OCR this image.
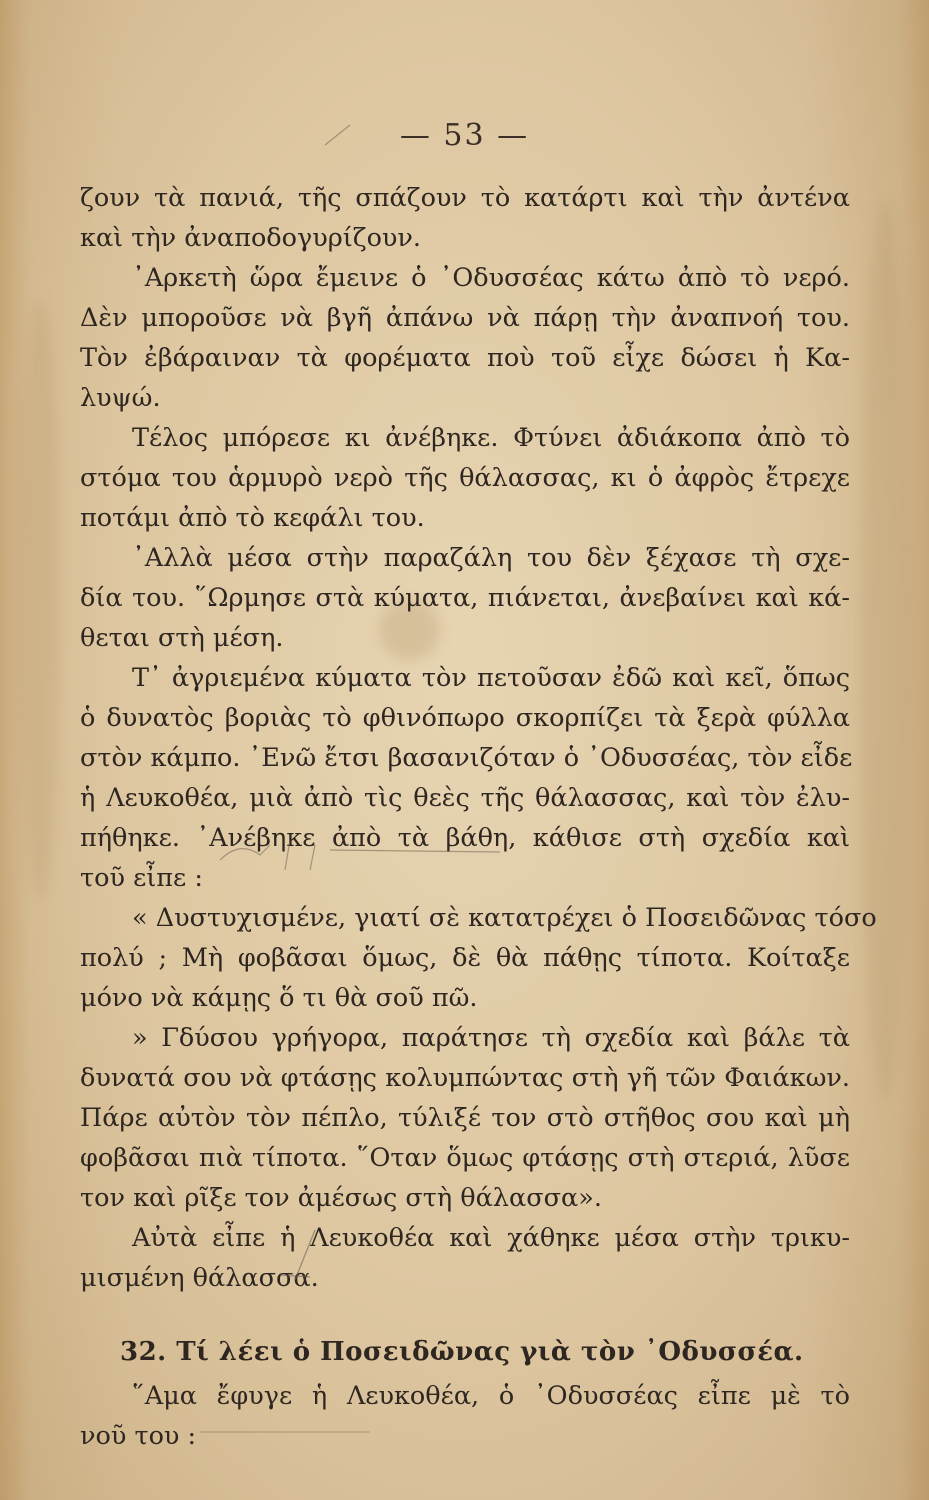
— 53 —
ζουν τὰ πανιά, τῆς σπάζουν τὸ κατάρτι καὶ τὴν ἀντένα
καὶ τὴν ἀναποδογυρίζουν.
᾿Αρκετὴ ὥρα ἔμεινε ὁ ᾿Οδυσσέας κάτω ἀπὸ τὸ νερό.
Δὲν μποροῦσε νὰ βγῆ ἀπάνω νὰ πάρῃ τὴν ἀναπνοή του.
Τὸν ἐβάραιναν τὰ φορέματα ποὺ τοῦ εἶχε δώσει ἡ Κα-
λυψώ.
Τέλος μπόρεσε κι ἀνέβηκε. Φτύνει ἀδιάκοπα ἀπὸ τὸ
στόμα του ἁρμυρὸ νερὸ τῆς θάλασσας, κι ὁ ἀφρὸς ἔτρεχε
ποτάμι ἀπὸ τὸ κεφάλι του.
᾿Αλλὰ μέσα στὴν παραζάλη του δὲν ξέχασε τὴ σχε-
δία του. ῞Ωρμησε στὰ κύματα, πιάνεται, ἀνεβαίνει καὶ κά-
θεται στὴ μέση.
Τ᾿ ἀγριεμένα κύματα τὸν πετοῦσαν ἐδῶ καὶ κεῖ, ὅπως
ὁ δυνατὸς βοριὰς τὸ φθινόπωρο σκορπίζει τὰ ξερὰ φύλλα
στὸν κάμπο. ᾿Ενῶ ἔτσι βασανιζόταν ὁ ᾿Οδυσσέας, τὸν εἶδε
ἡ Λευκοθέα, μιὰ ἀπὸ τὶς θεὲς τῆς θάλασσας, καὶ τὸν ἐλυ-
πήθηκε. ᾿Ανέβηκε ἀπὸ τὰ βάθη, κάθισε στὴ σχεδία καὶ
τοῦ εἶπε :
« Δυστυχισμένε, γιατί σὲ κατατρέχει ὁ Ποσειδῶνας τόσο
πολύ ; Μὴ φοβᾶσαι ὅμως, δὲ θὰ πάθῃς τίποτα. Κοίταξε
μόνο νὰ κάμῃς ὅ τι θὰ σοῦ πῶ.
» Γδύσου γρήγορα, παράτησε τὴ σχεδία καὶ βάλε τὰ
δυνατά σου νὰ φτάσῃς κολυμπώντας στὴ γῆ τῶν Φαιάκων.
Πάρε αὐτὸν τὸν πέπλο, τύλιξέ τον στὸ στῆθος σου καὶ μὴ
φοβᾶσαι πιὰ τίποτα. ῞Οταν ὅμως φτάσῃς στὴ στεριά, λῦσε
τον καὶ ρῖξε τον ἀμέσως στὴ θάλασσα».
Αὐτὰ εἶπε ἡ Λευκοθέα καὶ χάθηκε μέσα στὴν τρικυ-
μισμένη θάλασσα.
32. Τί λέει ὁ Ποσειδῶνας γιὰ τὸν ᾿Οδυσσέα.
῞Αμα ἔφυγε ἡ Λευκοθέα, ὁ ᾿Οδυσσέας εἶπε μὲ τὸ
νοῦ του :
